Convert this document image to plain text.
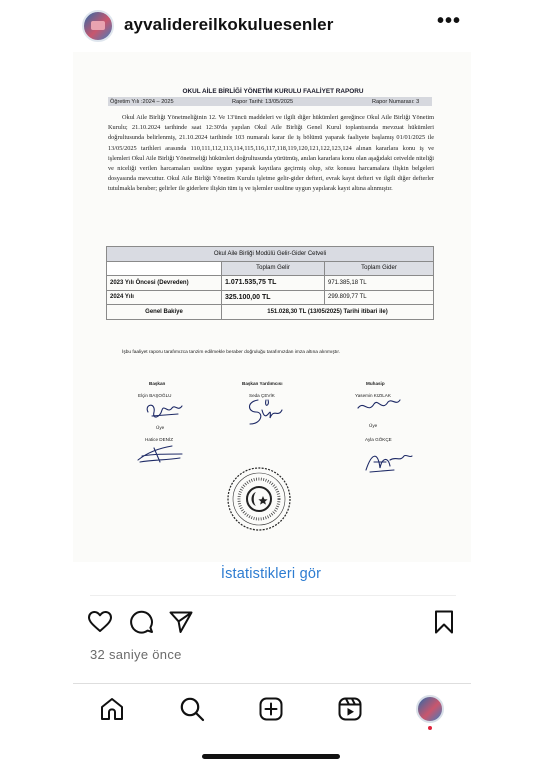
ayvalidereilkokuluesenler	•••
OKUL AİLE BİRLİĞİ YÖNETİM KURULU FAALİYET RAPORU
Öğretim Yılı :2024 – 2025	Rapor Tarihi: 13/05/2025	Rapor Numarası: 3
Okul Aile Birliği Yönetmeliğinin 12. Ve 13'üncü maddeleri ve ilgili diğer hükümleri gereğince Okul Aile Birliği Yönetim Kurulu; 21.10.2024 tarihinde saat 12:30'da yapılan Okul Aile Birliği Genel Kurul toplantısında mevzuat hükümleri doğrultusunda belirlenmiş, 21.10.2024 tarihinde 103 numaralı karar ile iş bölümü yaparak faaliyete başlamış 01/01/2025 ile 13/05/2025 tarihleri arasında 110,111,112,113,114,115,116,117,118,119,120,121,122,123,124 alınan kararlara konu iş ve işlemleri Okul Aile Birliği Yönetmeliği hükümleri doğrultusunda yürütmüş, anılan kararlara konu olan aşağıdaki cetvelde niteliği ve niceliği verilen harcamaları usulüne uygun yaparak kayıtlara geçirmiş olup, söz konusu harcamalara ilişkin belgeleri dosyasında mevcuttur. Okul Aile Birliği Yönetim Kurulu işletme gelir-gider defteri, evrak kayıt defteri ve ilgili diğer defterler tutulmakla beraber; gelirler ile giderlere ilişkin tüm iş ve işlemler usulüne uygun yapılarak kayıt altına alınmıştır.
Okul Aile Birliği Modülü Gelir-Gider Cetveli		
	Toplam Gelir	Toplam Gider
2023 Yılı Öncesi (Devreden)	1.071.535,75 TL	971.385,18 TL
2024 Yılı	325.100,00 TL	299.809,77 TL
Genel Bakiye	151.028,30 TL (13/05/2025) Tarihi itibari ile)	
İşbu faaliyet raporu tarafımızca tanzim edilmekle beraber doğruluğu tarafımızdan imza altına alınmıştır.
Başkan
Elçin BAŞOĞLU
Üye
Başkan Yardımcısı
Seda ÇEVİK
Muhasip
Yasemin KIZILAK
Üye
Hatice DENİZ	Ayla GÖKÇE
İstatistikleri gör
32 saniye önce
